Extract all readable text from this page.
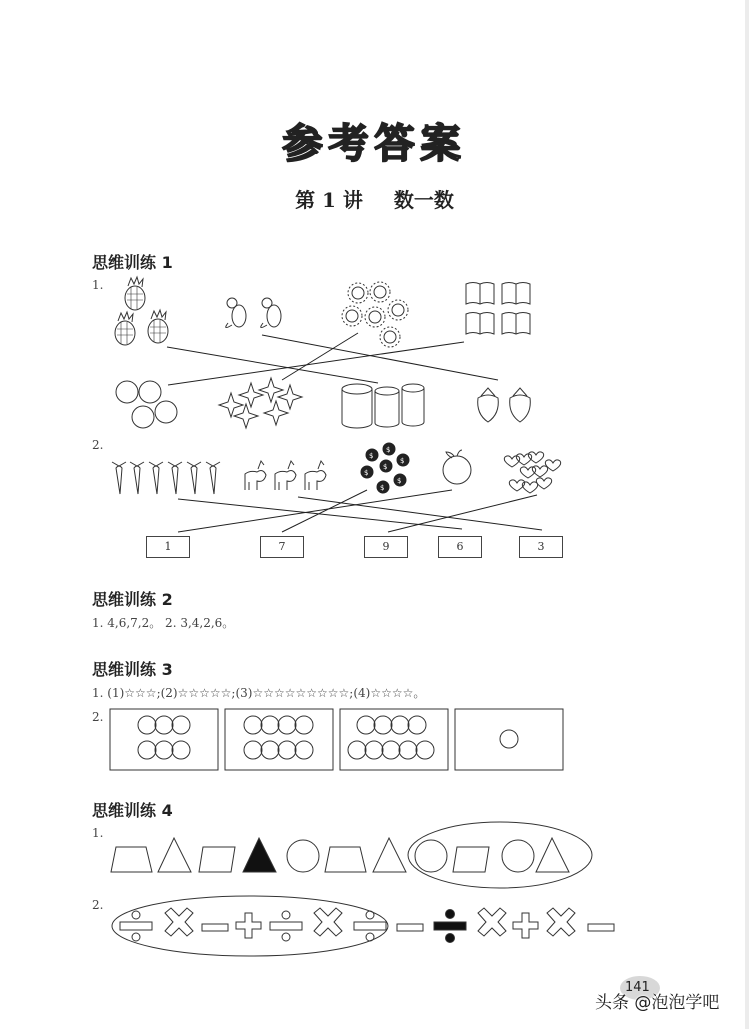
参考答案
第 1 讲 数一数
思维训练 1
1.
2.
$
$
$
$
$
$
$
1	7	9	6	3
思维训练 2
1. 4,6,7,2。 2. 3,4,2,6。
思维训练 3
1. (1)☆☆☆;(2)☆☆☆☆☆;(3)☆☆☆☆☆☆☆☆☆;(4)☆☆☆☆。
2.
思维训练 4
1.
2.
141
头条 @泡泡学吧
